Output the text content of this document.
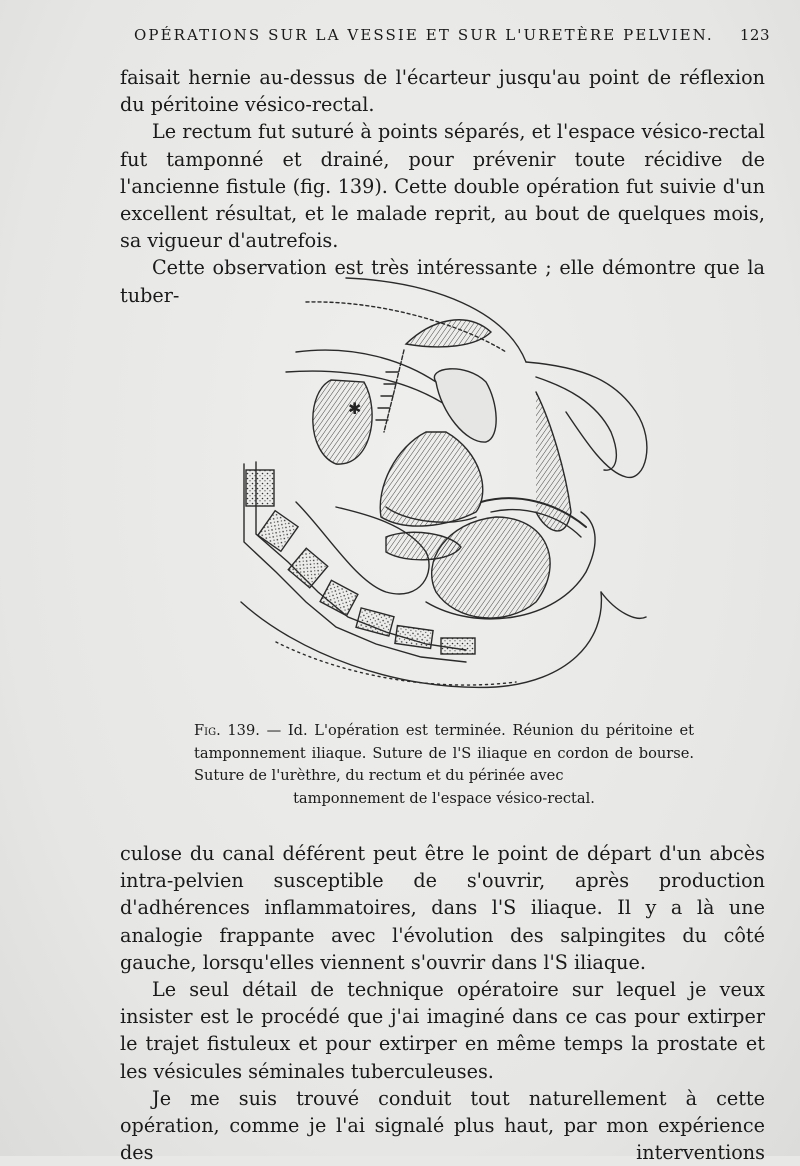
OPÉRATIONS SUR LA VESSIE ET SUR L'URETÈRE PELVIEN. 123

faisait hernie au-dessus de l'écarteur jusqu'au point de réflexion du péritoine vésico-rectal.

Le rectum fut suturé à points séparés, et l'espace vésico-rectal fut tamponné et drainé, pour prévenir toute récidive de l'ancienne fistule (fig. 139). Cette double opération fut suivie d'un excellent résultat, et le malade reprit, au bout de quelques mois, sa vigueur d'autrefois.

Cette observation est très intéressante ; elle démontre que la tuber-

✱
Fig. 139. — Id. L'opération est terminée. Réunion du péritoine et tamponnement iliaque. Suture de l'S iliaque en cordon de bourse. Suture de l'urèthre, du rectum et du périnée avec
tamponnement de l'espace vésico-rectal.

culose du canal déférent peut être le point de départ d'un abcès intra-pelvien susceptible de s'ouvrir, après production d'adhérences inflammatoires, dans l'S iliaque. Il y a là une analogie frappante avec l'évolution des salpingites du côté gauche, lorsqu'elles viennent s'ouvrir dans l'S iliaque.

Le seul détail de technique opératoire sur lequel je veux insister est le procédé que j'ai imaginé dans ce cas pour extirper le trajet fistuleux et pour extirper en même temps la prostate et les vésicules séminales tuberculeuses.

Je me suis trouvé conduit tout naturellement à cette opération, comme je l'ai signalé plus haut, par mon expérience des interventions
